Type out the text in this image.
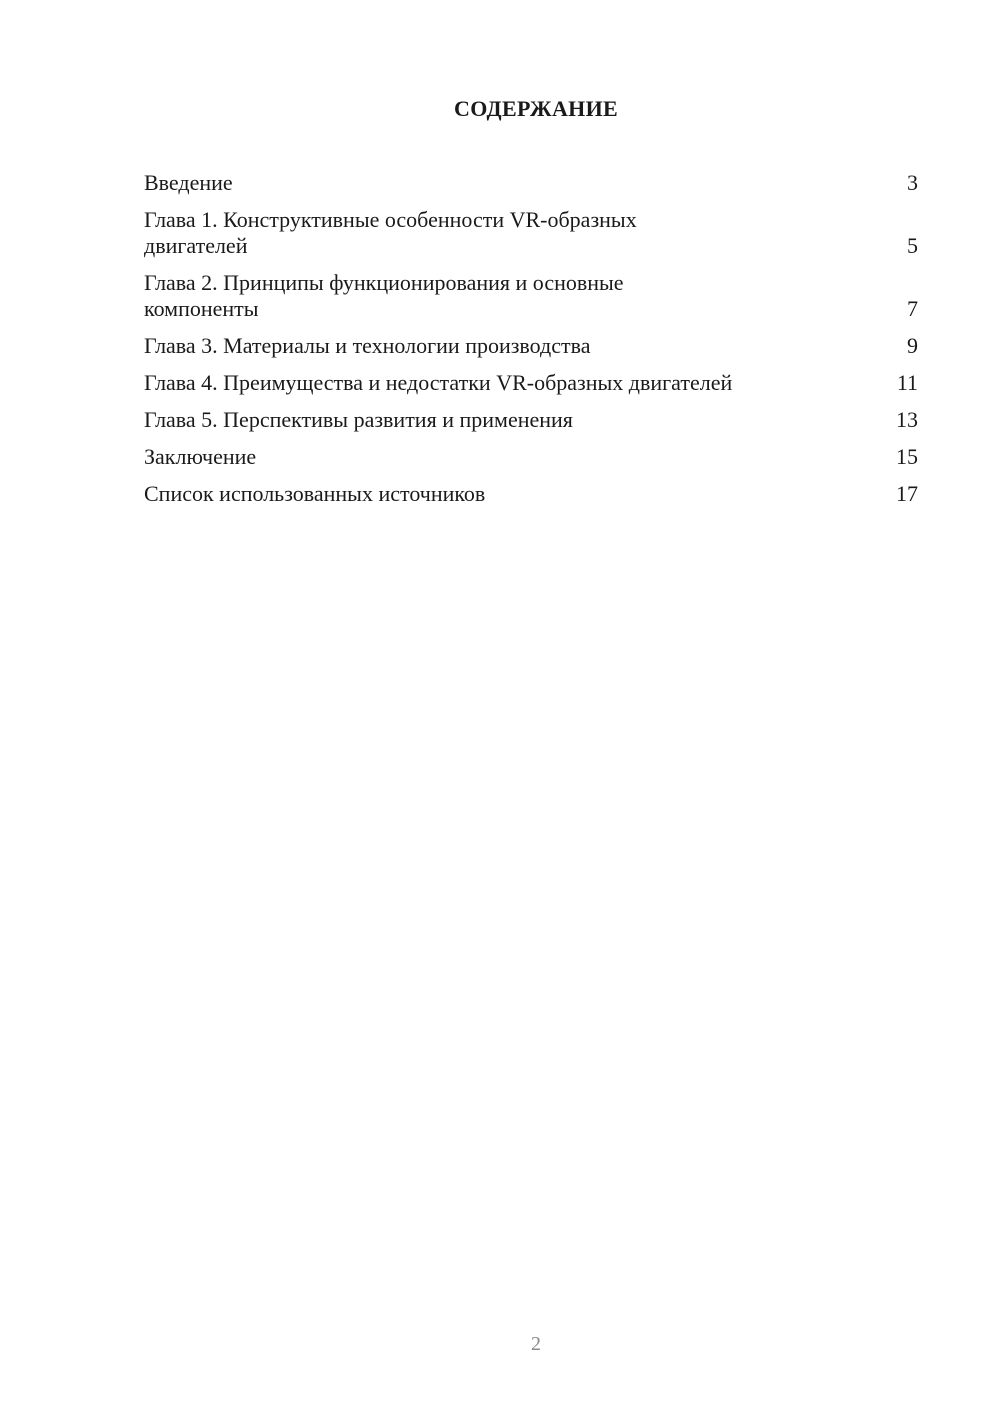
СОДЕРЖАНИЕ
Введение	3
Глава 1. Конструктивные особенности VR-образных двигателей	5
Глава 2. Принципы функционирования и основные компоненты	7
Глава 3. Материалы и технологии производства	9
Глава 4. Преимущества и недостатки VR-образных двигателей	11
Глава 5. Перспективы развития и применения	13
Заключение	15
Список использованных источников	17
2
